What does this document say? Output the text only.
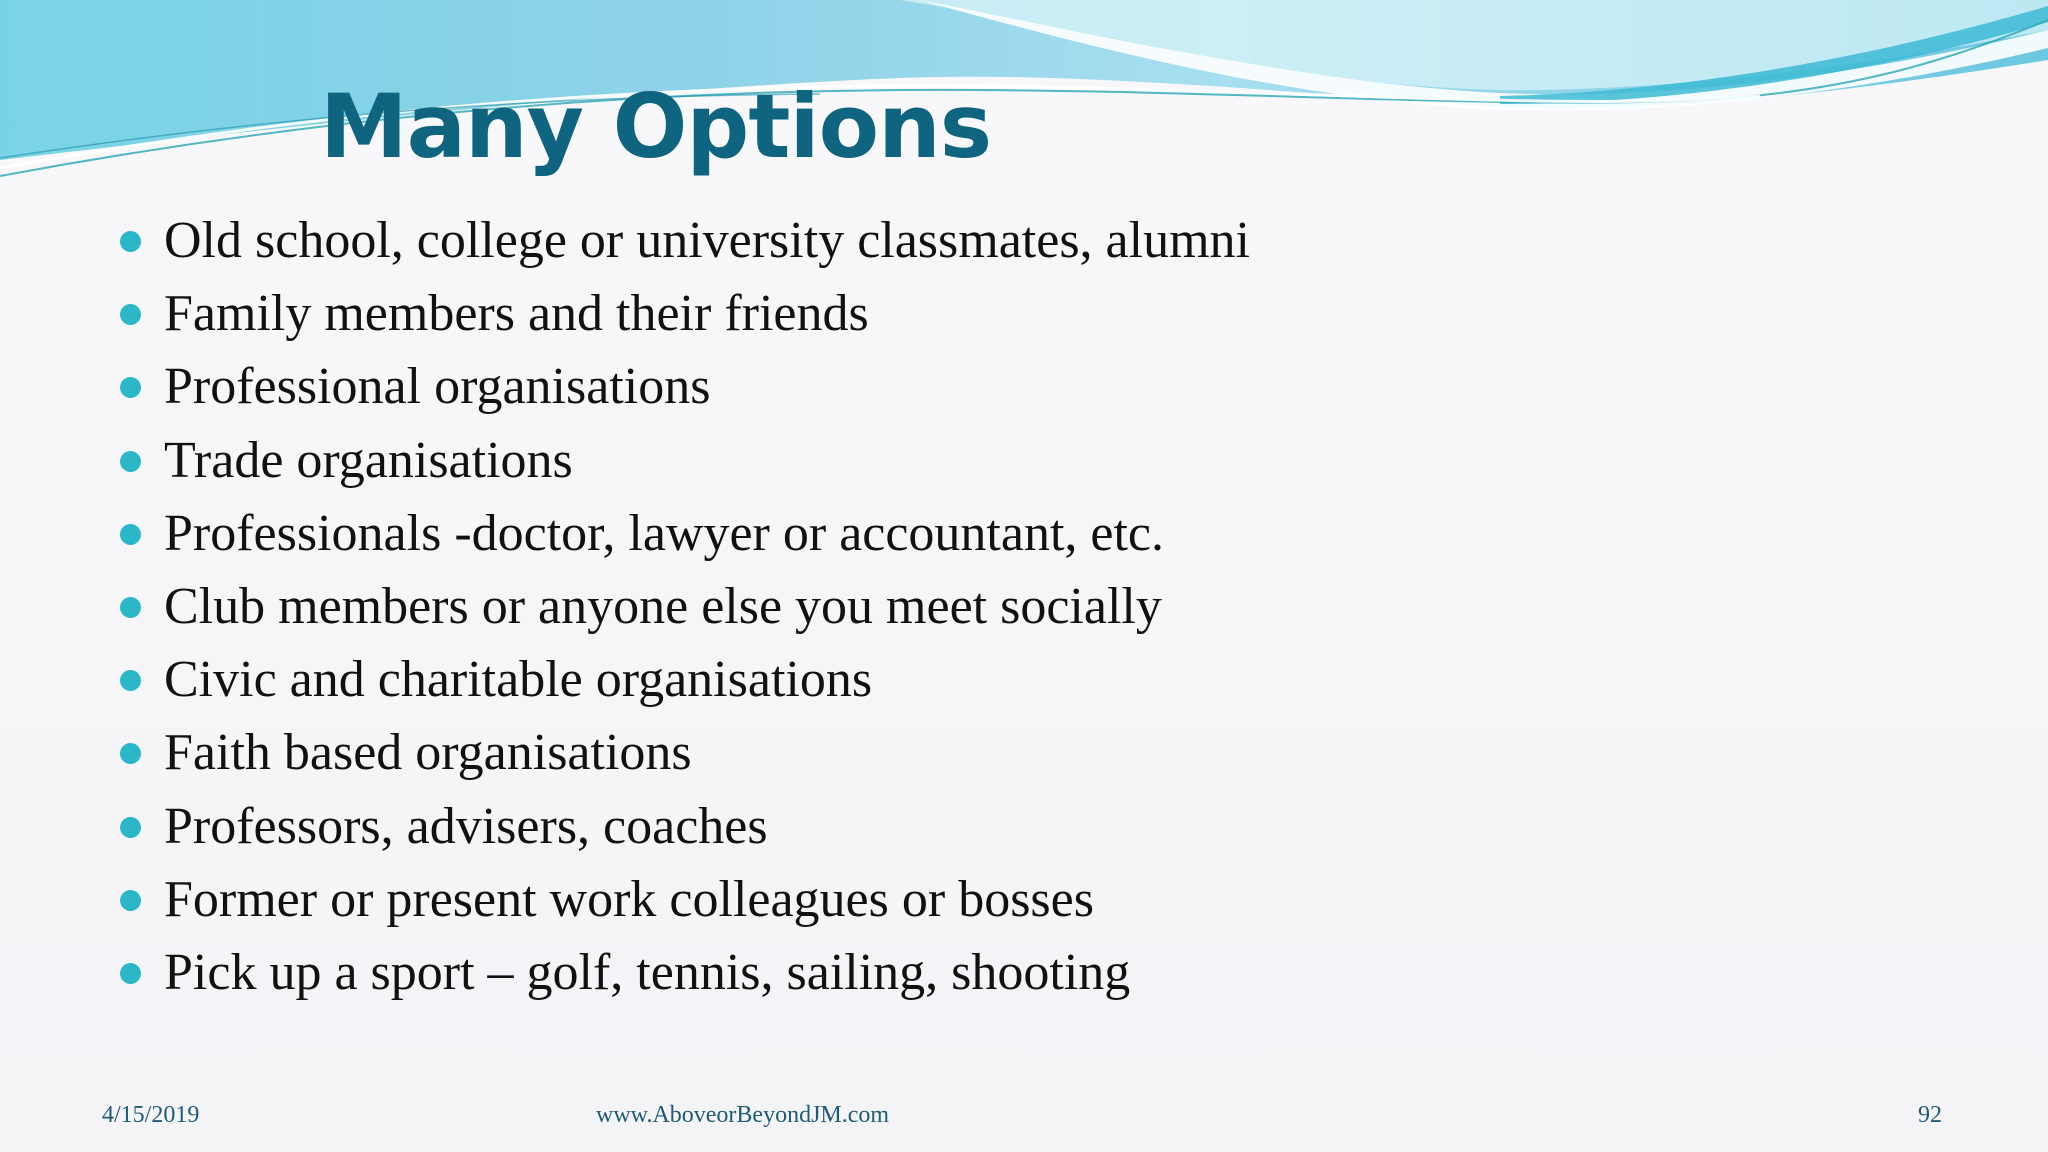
Many Options
Old school, college or university classmates, alumni
Family members and their friends
Professional organisations
Trade organisations
Professionals -doctor, lawyer or accountant, etc.
Club members or anyone else you meet socially
Civic and charitable organisations
Faith based organisations
Professors, advisers, coaches
Former or present work colleagues or bosses
Pick up a sport – golf, tennis, sailing, shooting
4/15/2019	www.AboveorBeyondJM.com	92
